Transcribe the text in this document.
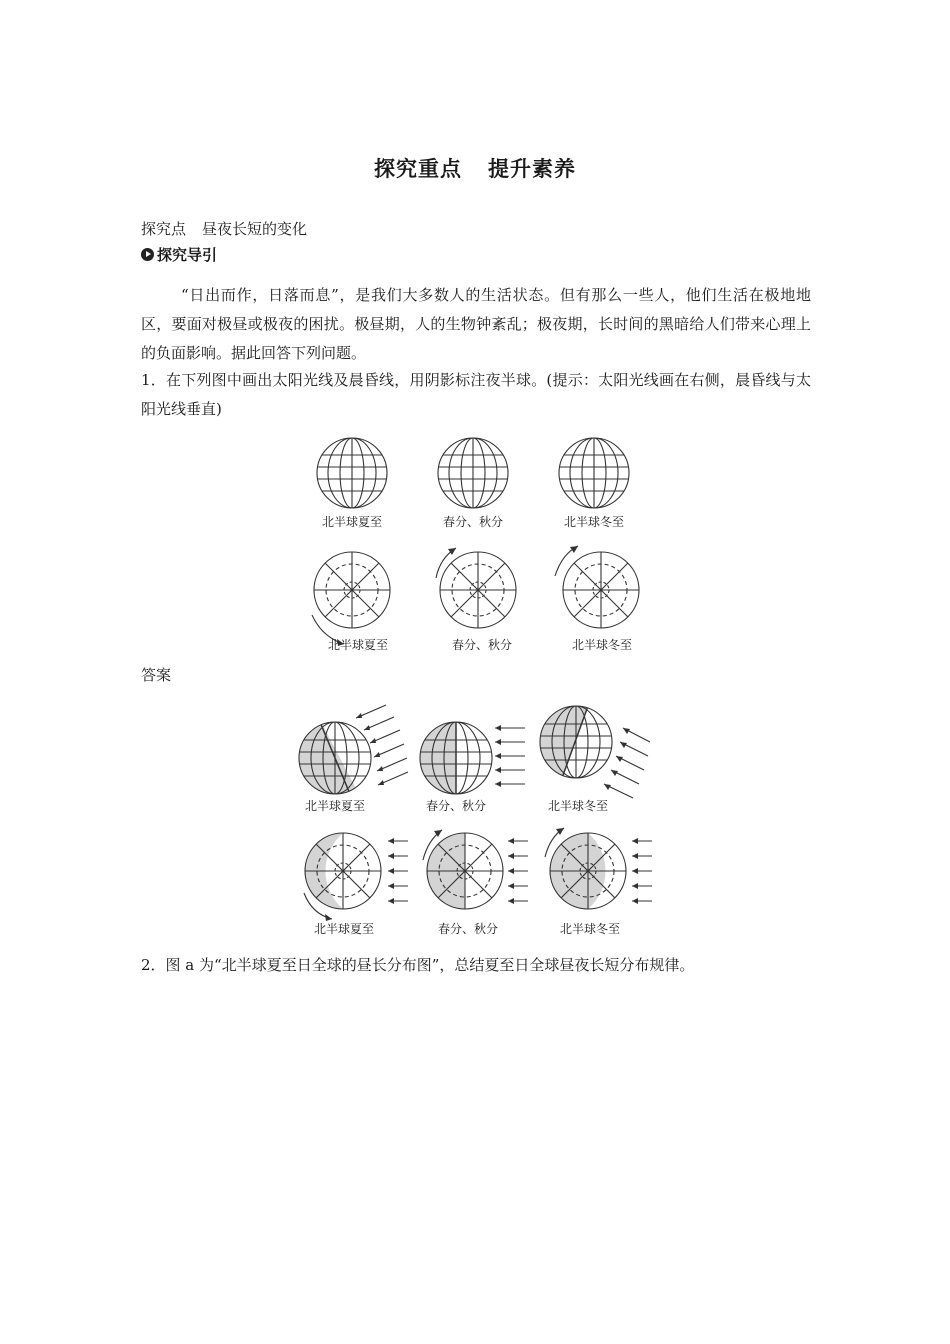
探究重点 提升素养
探究点 昼夜长短的变化
探究导引
“日出而作，日落而息”，是我们大多数人的生活状态。但有那么一些人，他们生活在极地地区，要面对极昼或极夜的困扰。极昼期，人的生物钟紊乱；极夜期，长时间的黑暗给人们带来心理上的负面影响。据此回答下列问题。
1．在下列图中画出太阳光线及晨昏线，用阴影标注夜半球。(提示：太阳光线画在右侧，晨昏线与太阳光线垂直)
北半球夏至	春分、秋分	北半球冬至
北半球夏至	春分、秋分	北半球冬至
答案
北半球夏至	春分、秋分	北半球冬至
北半球夏至	春分、秋分	北半球冬至
2．图 a 为“北半球夏至日全球的昼长分布图”，总结夏至日全球昼夜长短分布规律。
